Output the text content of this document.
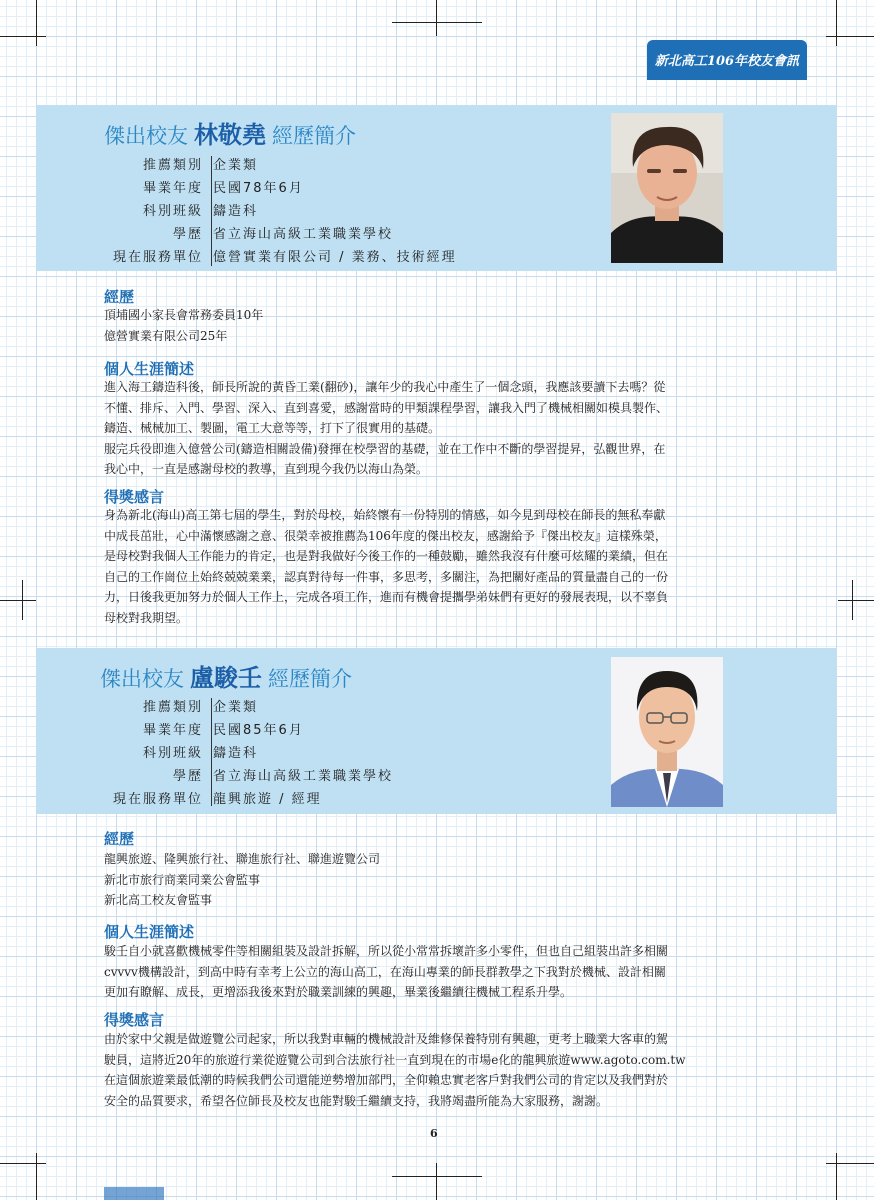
新北高工106年校友會訊
傑出校友 林敬堯 經歷簡介
推薦類別 企業類
畢業年度 民國78年6月
科別班級 鑄造科
學歷 省立海山高級工業職業學校
現在服務單位 億營實業有限公司 / 業務、技術經理
經歷
頂埔國小家長會常務委員10年
億營實業有限公司25年
個人生涯簡述
進入海工鑄造科後，師長所說的黃昏工業(翻砂)，讓年少的我心中產生了一個念頭，我應該要讀下去嗎？從
不懂、排斥、入門、學習、深入、直到喜愛，感謝當時的甲類課程學習，讓我入門了機械相關如模具製作、
鑄造、械械加工、製圖，電工大意等等，打下了很實用的基礎。
服完兵役即進入億營公司(鑄造相關設備)發揮在校學習的基礎，並在工作中不斷的學習提昇，弘觀世界，在
我心中，一直是感謝母校的教導，直到現今我仍以海山為榮。
得獎感言
身為新北(海山)高工第七屆的學生，對於母校，始終懷有一份特別的情感，如今見到母校在師長的無私奉獻
中成長茁壯，心中滿懷感謝之意、很榮幸被推薦為106年度的傑出校友，感謝給予『傑出校友』這樣殊榮，
是母校對我個人工作能力的肯定，也是對我做好今後工作的一種鼓勵，雖然我沒有什麼可炫耀的業績，但在
自己的工作崗位上始終兢兢業業，認真對待每一件事，多思考，多關注，為把關好產品的質量盡自己的一份
力，日後我更加努力於個人工作上，完成各項工作，進而有機會提攜學弟妹們有更好的發展表現，以不辜負
母校對我期望。
傑出校友 盧駿壬 經歷簡介
推薦類別 企業類
畢業年度 民國85年6月
科別班級 鑄造科
學歷 省立海山高級工業職業學校
現在服務單位 龍興旅遊 / 經理
經歷
龍興旅遊、隆興旅行社、聯進旅行社、聯進遊覽公司
新北市旅行商業同業公會監事
新北高工校友會監事
個人生涯簡述
駿壬自小就喜歡機械零件等相關組裝及設計拆解，所以從小常常拆壞許多小零件，但也自己組裝出許多相關
cvvvv機構設計，到高中時有幸考上公立的海山高工，在海山專業的師長群教學之下我對於機械、設計相關
更加有瞭解、成長，更增添我後來對於職業訓練的興趣，畢業後繼續往機械工程系升學。
得獎感言
由於家中父親是做遊覽公司起家，所以我對車輛的機械設計及維修保養特別有興趣，更考上職業大客車的駕
駛員，這將近20年的旅遊行業從遊覽公司到合法旅行社一直到現在的市場e化的龍興旅遊www.agoto.com.tw
在這個旅遊業最低潮的時候我們公司還能逆勢增加部門，全仰賴忠實老客戶對我們公司的肯定以及我們對於
安全的品質要求，希望各位師長及校友也能對駿壬繼續支持，我將竭盡所能為大家服務，謝謝。
6
